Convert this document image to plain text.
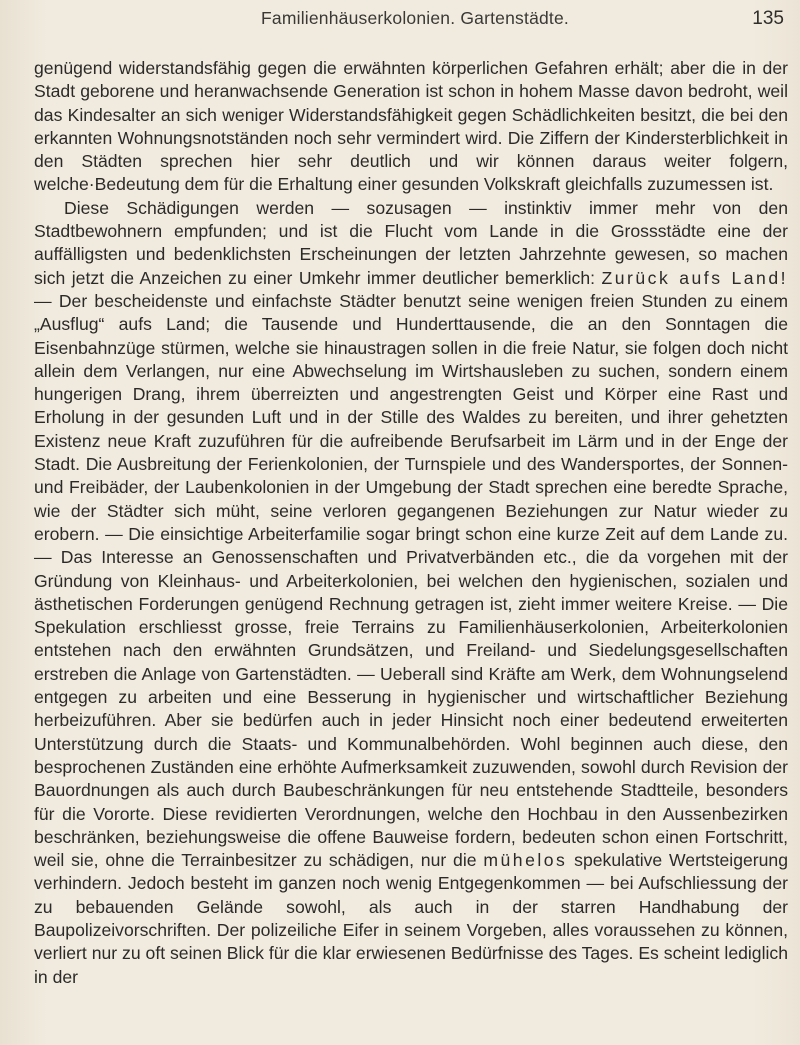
Familienhäuserkolonien. Gartenstädte.	135

genügend widerstandsfähig gegen die erwähnten körperlichen Gefahren erhält; aber die in der Stadt geborene und heranwachsende Generation ist schon in hohem Masse davon bedroht, weil das Kindesalter an sich weniger Widerstandsfähigkeit gegen Schädlichkeiten besitzt, die bei den erkannten Wohnungsnotständen noch sehr vermindert wird. Die Ziffern der Kindersterblichkeit in den Städten sprechen hier sehr deutlich und wir können daraus weiter folgern, welche·Bedeutung dem für die Erhaltung einer gesunden Volkskraft gleichfalls zuzumessen ist.

Diese Schädigungen werden — sozusagen — instinktiv immer mehr von den Stadtbewohnern empfunden; und ist die Flucht vom Lande in die Grossstädte eine der auffälligsten und bedenklichsten Erscheinungen der letzten Jahrzehnte gewesen, so machen sich jetzt die Anzeichen zu einer Umkehr immer deutlicher bemerklich: Zurück aufs Land! — Der bescheidenste und einfachste Städter benutzt seine wenigen freien Stunden zu einem „Ausflug“ aufs Land; die Tausende und Hunderttausende, die an den Sonntagen die Eisenbahnzüge stürmen, welche sie hinaustragen sollen in die freie Natur, sie folgen doch nicht allein dem Verlangen, nur eine Abwechselung im Wirtshausleben zu suchen, sondern einem hungerigen Drang, ihrem überreizten und angestrengten Geist und Körper eine Rast und Erholung in der gesunden Luft und in der Stille des Waldes zu bereiten, und ihrer gehetzten Existenz neue Kraft zuzuführen für die aufreibende Berufsarbeit im Lärm und in der Enge der Stadt. Die Ausbreitung der Ferienkolonien, der Turnspiele und des Wandersportes, der Sonnen- und Freibäder, der Laubenkolonien in der Umgebung der Stadt sprechen eine beredte Sprache, wie der Städter sich müht, seine verloren gegangenen Beziehungen zur Natur wieder zu erobern. — Die einsichtige Arbeiterfamilie sogar bringt schon eine kurze Zeit auf dem Lande zu. — Das Interesse an Genossenschaften und Privatverbänden etc., die da vorgehen mit der Gründung von Kleinhaus- und Arbeiterkolonien, bei welchen den hygienischen, sozialen und ästhetischen Forderungen genügend Rechnung getragen ist, zieht immer weitere Kreise. — Die Spekulation erschliesst grosse, freie Terrains zu Familienhäuserkolonien, Arbeiterkolonien entstehen nach den erwähnten Grundsätzen, und Freiland- und Siedelungsgesellschaften erstreben die Anlage von Gartenstädten. — Ueberall sind Kräfte am Werk, dem Wohnungselend entgegen zu arbeiten und eine Besserung in hygienischer und wirtschaftlicher Beziehung herbeizuführen. Aber sie bedürfen auch in jeder Hinsicht noch einer bedeutend erweiterten Unterstützung durch die Staats- und Kommunalbehörden. Wohl beginnen auch diese, den besprochenen Zuständen eine erhöhte Aufmerksamkeit zuzuwenden, sowohl durch Revision der Bauordnungen als auch durch Baubeschränkungen für neu entstehende Stadtteile, besonders für die Vororte. Diese revidierten Verordnungen, welche den Hochbau in den Aussenbezirken beschränken, beziehungsweise die offene Bauweise fordern, bedeuten schon einen Fortschritt, weil sie, ohne die Terrainbesitzer zu schädigen, nur die mühelos spekulative Wertsteigerung verhindern. Jedoch besteht im ganzen noch wenig Entgegenkommen — bei Aufschliessung der zu bebauenden Gelände sowohl, als auch in der starren Handhabung der Baupolizeivorschriften. Der polizeiliche Eifer in seinem Vorgeben, alles voraussehen zu können, verliert nur zu oft seinen Blick für die klar erwiesenen Bedürfnisse des Tages. Es scheint lediglich in der
